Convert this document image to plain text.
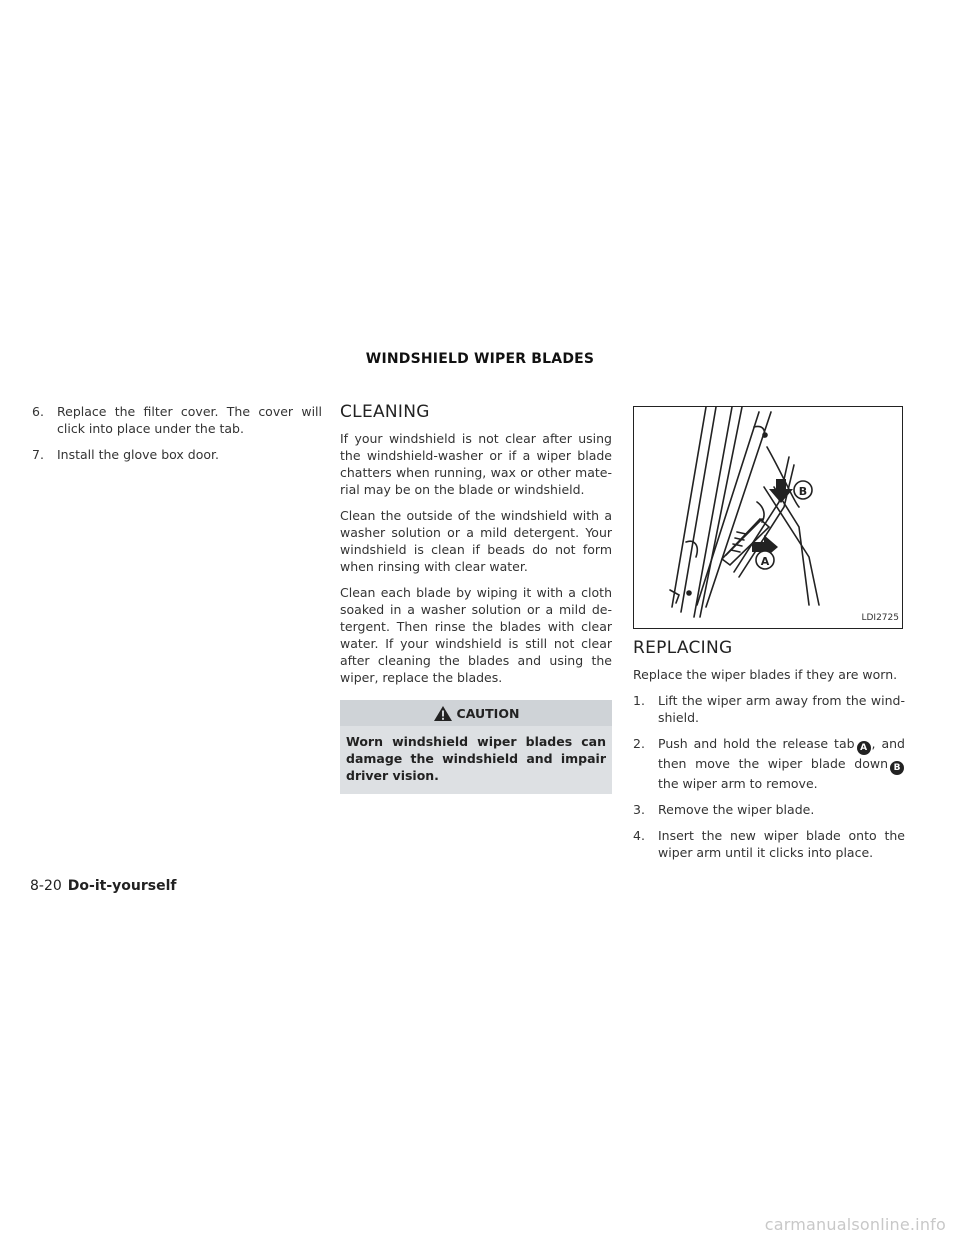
WINDSHIELD WIPER BLADES
6. Replace the filter cover. The cover will click into place under the tab.
7. Install the glove box door.
CLEANING

If your windshield is not clear after using the windshield-washer or if a wiper blade chatters when running, wax or other mate-rial may be on the blade or windshield.

Clean the outside of the windshield with a washer solution or a mild detergent. Your windshield is clean if beads do not form when rinsing with clear water.

Clean each blade by wiping it with a cloth soaked in a washer solution or a mild de-tergent. Then rinse the blades with clear water. If your windshield is still not clear after cleaning the blades and using the wiper, replace the blades.

CAUTION
Worn windshield wiper blades can damage the windshield and impair driver vision.
B
A
LDI2725
REPLACING

Replace the wiper blades if they are worn.

1. Lift the wiper arm away from the wind-shield.
2. Push and hold the release tab A , and then move the wiper blade down B the wiper arm to remove.
3. Remove the wiper blade.
4. Insert the new wiper blade onto the wiper arm until it clicks into place.
8-20 Do-it-yourself
carmanualsonline.info
